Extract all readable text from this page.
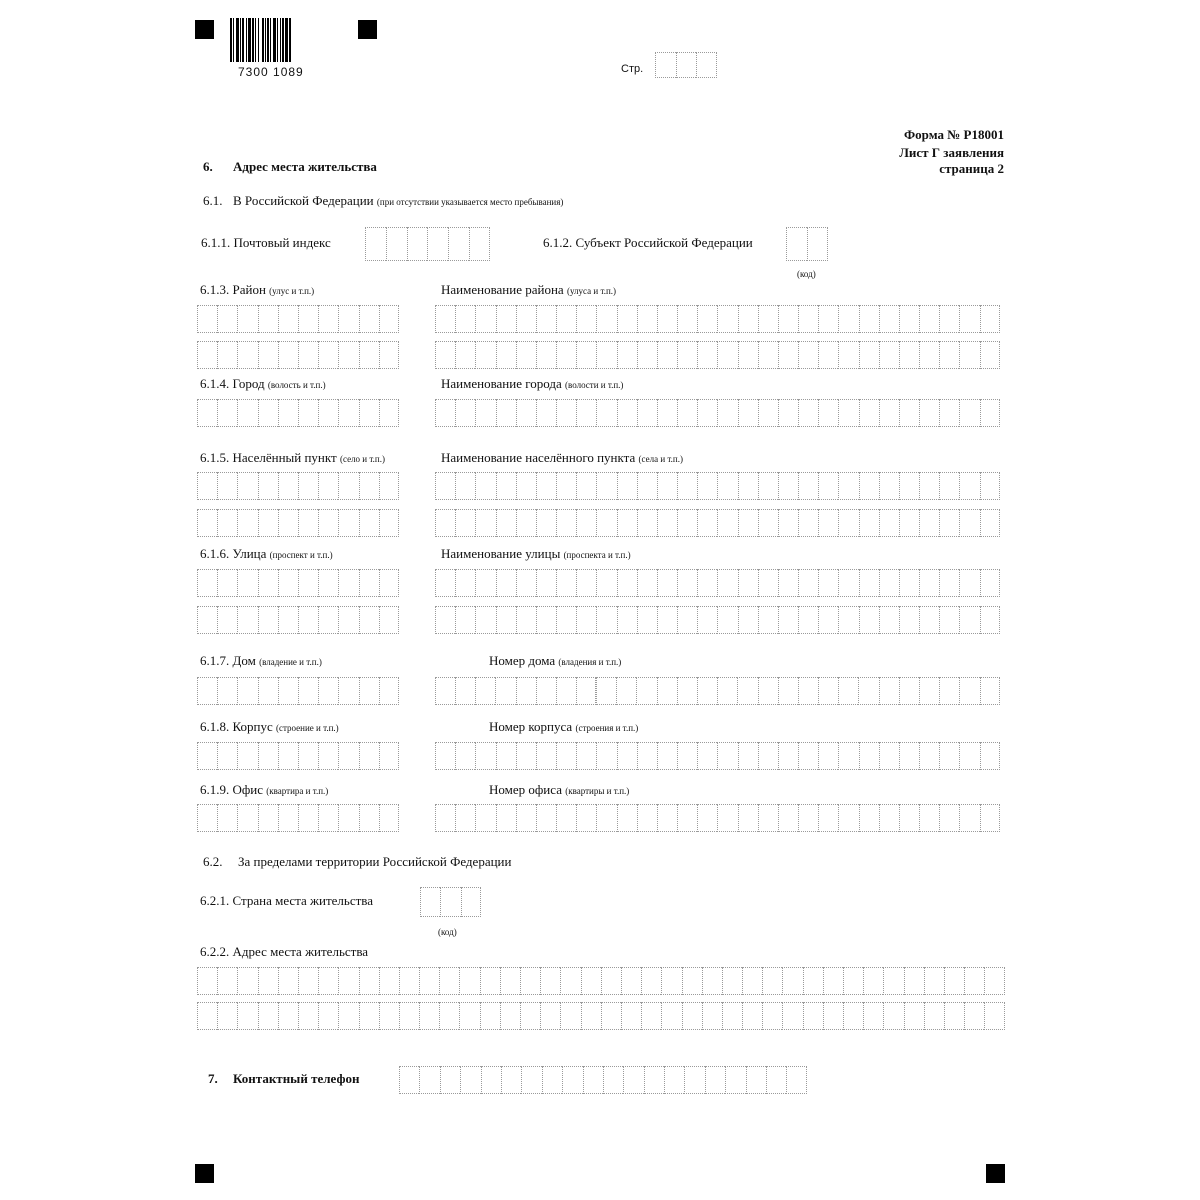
7300 1089	Стр.
Форма № Р18001
Лист Г заявления
страница 2
6. Адрес места жительства
6.1. В Российской Федерации (при отсутствии указывается место пребывания)
6.1.1. Почтовый индекс	6.1.2. Субъект Российской Федерации
(код)
6.1.3. Район (улус и т.п.)	Наименование района (улуса и т.п.)
6.1.4. Город (волость и т.п.)	Наименование города (волости и т.п.)
6.1.5. Населённый пункт (село и т.п.)	Наименование населённого пункта (села и т.п.)
6.1.6. Улица (проспект и т.п.)	Наименование улицы (проспекта и т.п.)
6.1.7. Дом (владение и т.п.)	Номер дома (владения и т.п.)
6.1.8. Корпус (строение и т.п.)	Номер корпуса (строения и т.п.)
6.1.9. Офис (квартира и т.п.)	Номер офиса (квартиры и т.п.)
6.2. За пределами территории Российской Федерации
6.2.1. Страна места жительства
(код)
6.2.2. Адрес места жительства
7. Контактный телефон
